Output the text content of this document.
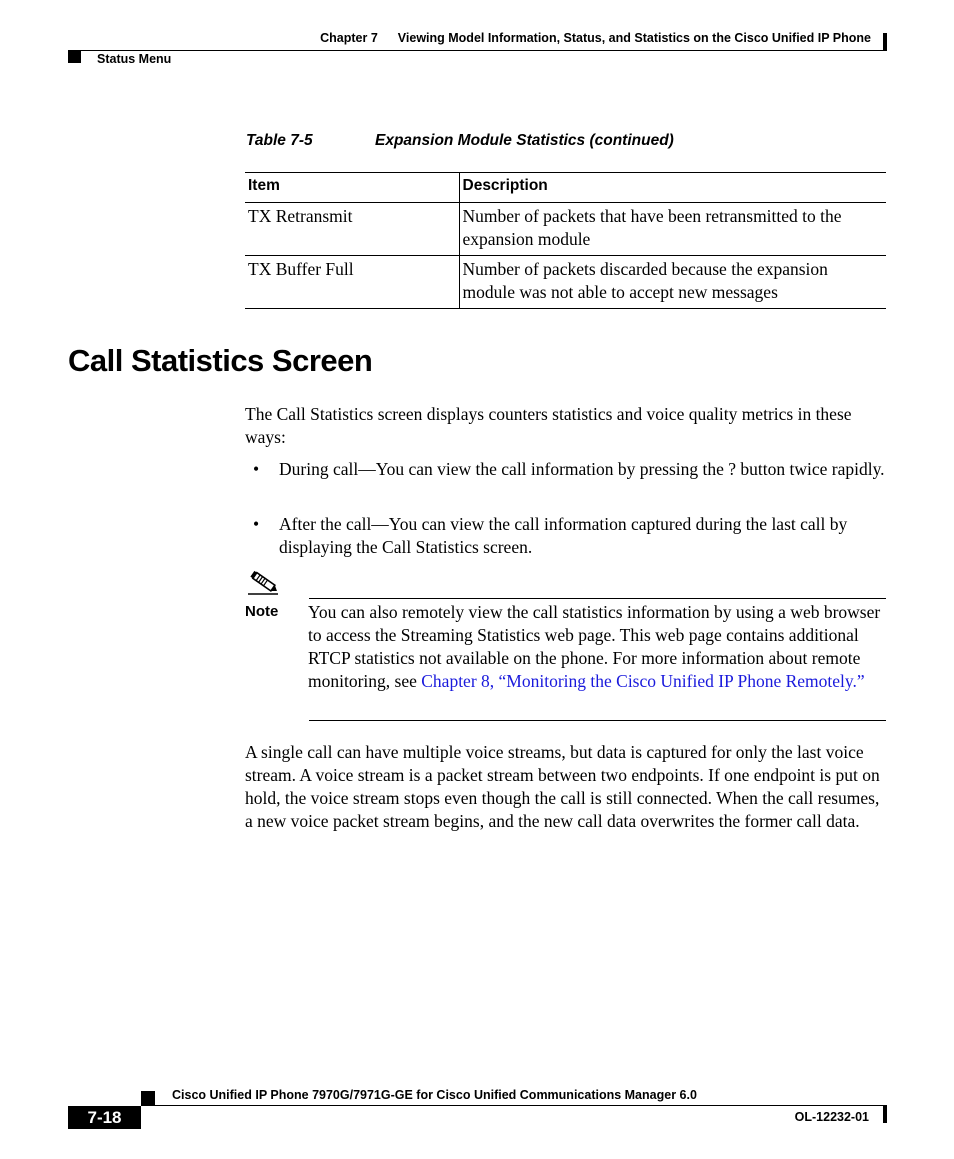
Chapter 7 Viewing Model Information, Status, and Statistics on the Cisco Unified IP Phone
Status Menu
Table 7-5	Expansion Module Statistics (continued)
Item	Description
TX Retransmit	Number of packets that have been retransmitted to the expansion module
TX Buffer Full	Number of packets discarded because the expansion module was not able to accept new messages
Call Statistics Screen
The Call Statistics screen displays counters statistics and voice quality metrics in these ways:
• During call—You can view the call information by pressing the ? button twice rapidly.
• After the call—You can view the call information captured during the last call by displaying the Call Statistics screen.
Note You can also remotely view the call statistics information by using a web browser to access the Streaming Statistics web page. This web page contains additional RTCP statistics not available on the phone. For more information about remote monitoring, see Chapter 8, “Monitoring the Cisco Unified IP Phone Remotely.”
A single call can have multiple voice streams, but data is captured for only the last voice stream. A voice stream is a packet stream between two endpoints. If one endpoint is put on hold, the voice stream stops even though the call is still connected. When the call resumes, a new voice packet stream begins, and the new call data overwrites the former call data.
Cisco Unified IP Phone 7970G/7971G-GE for Cisco Unified Communications Manager 6.0
7-18	OL-12232-01
